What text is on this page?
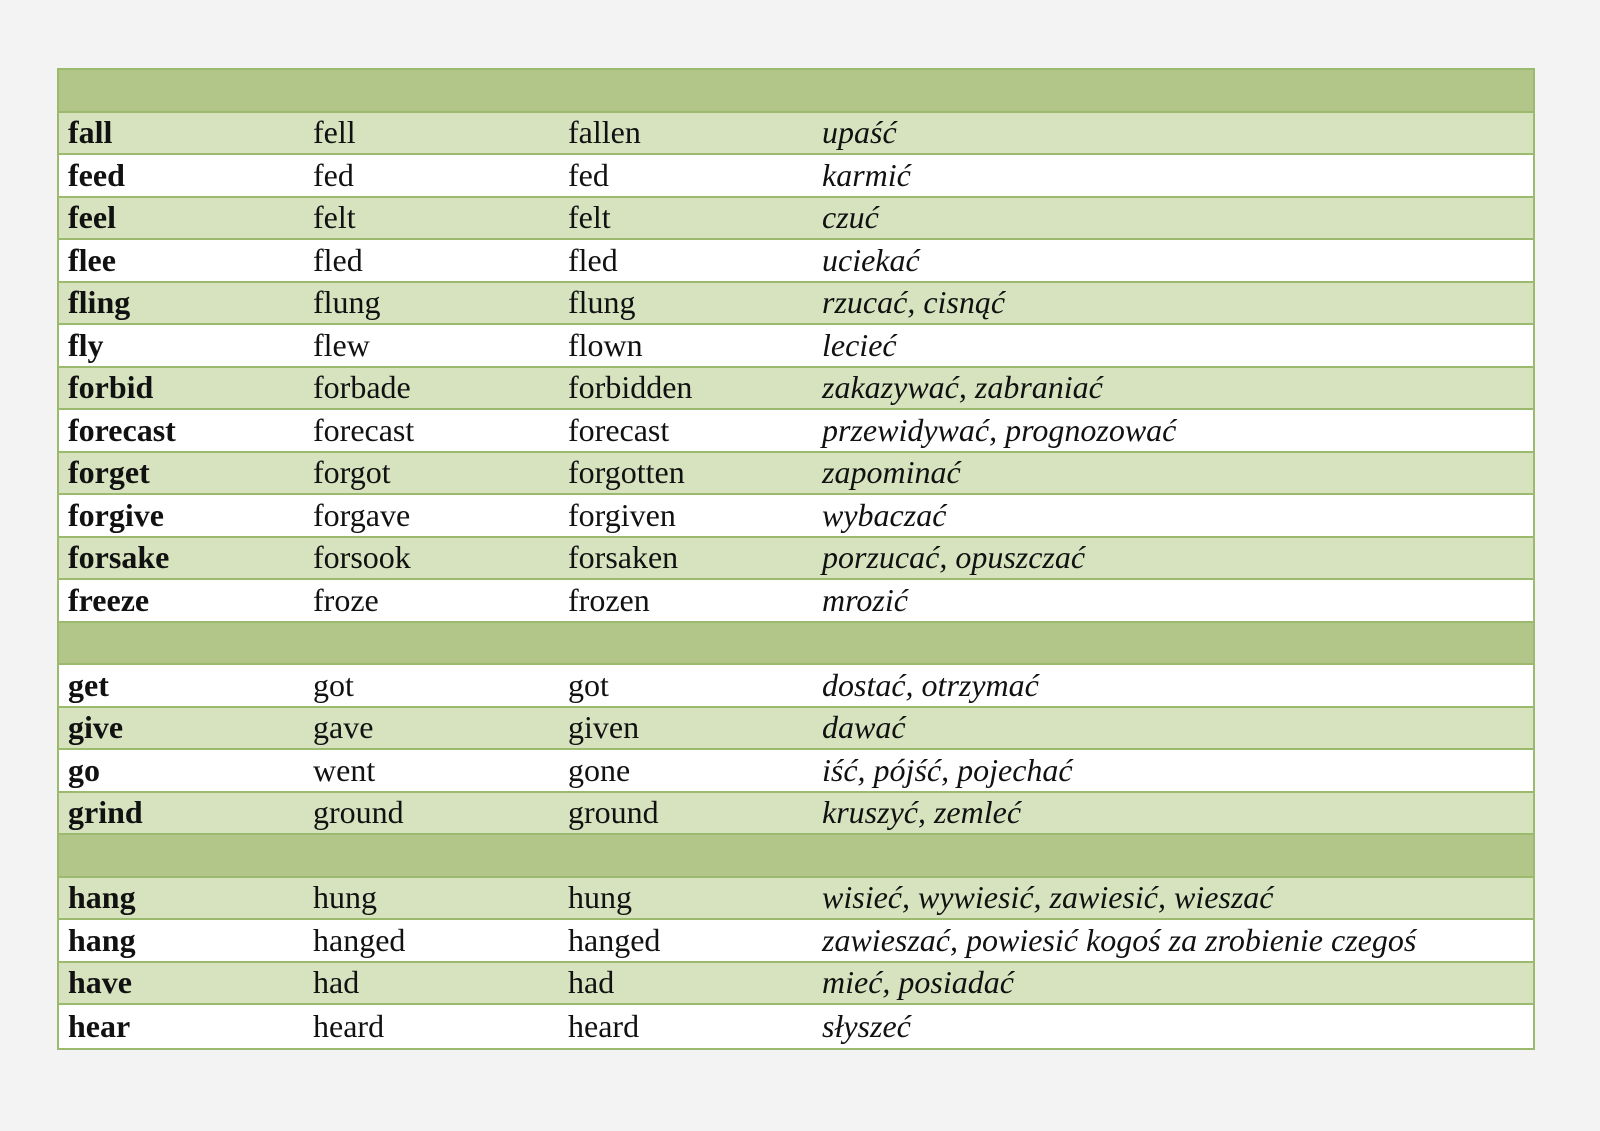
fall	fell	fallen	upaść
feed	fed	fed	karmić
feel	felt	felt	czuć
flee	fled	fled	uciekać
fling	flung	flung	rzucać, cisnąć
fly	flew	flown	lecieć
forbid	forbade	forbidden	zakazywać, zabraniać
forecast	forecast	forecast	przewidywać, prognozować
forget	forgot	forgotten	zapominać
forgive	forgave	forgiven	wybaczać
forsake	forsook	forsaken	porzucać, opuszczać
freeze	froze	frozen	mrozić
get	got	got	dostać, otrzymać
give	gave	given	dawać
go	went	gone	iść, pójść, pojechać
grind	ground	ground	kruszyć, zemleć
hang	hung	hung	wisieć, wywiesić, zawiesić, wieszać
hang	hanged	hanged	zawieszać, powiesić kogoś za zrobienie czegoś
have	had	had	mieć, posiadać
hear	heard	heard	słyszeć
